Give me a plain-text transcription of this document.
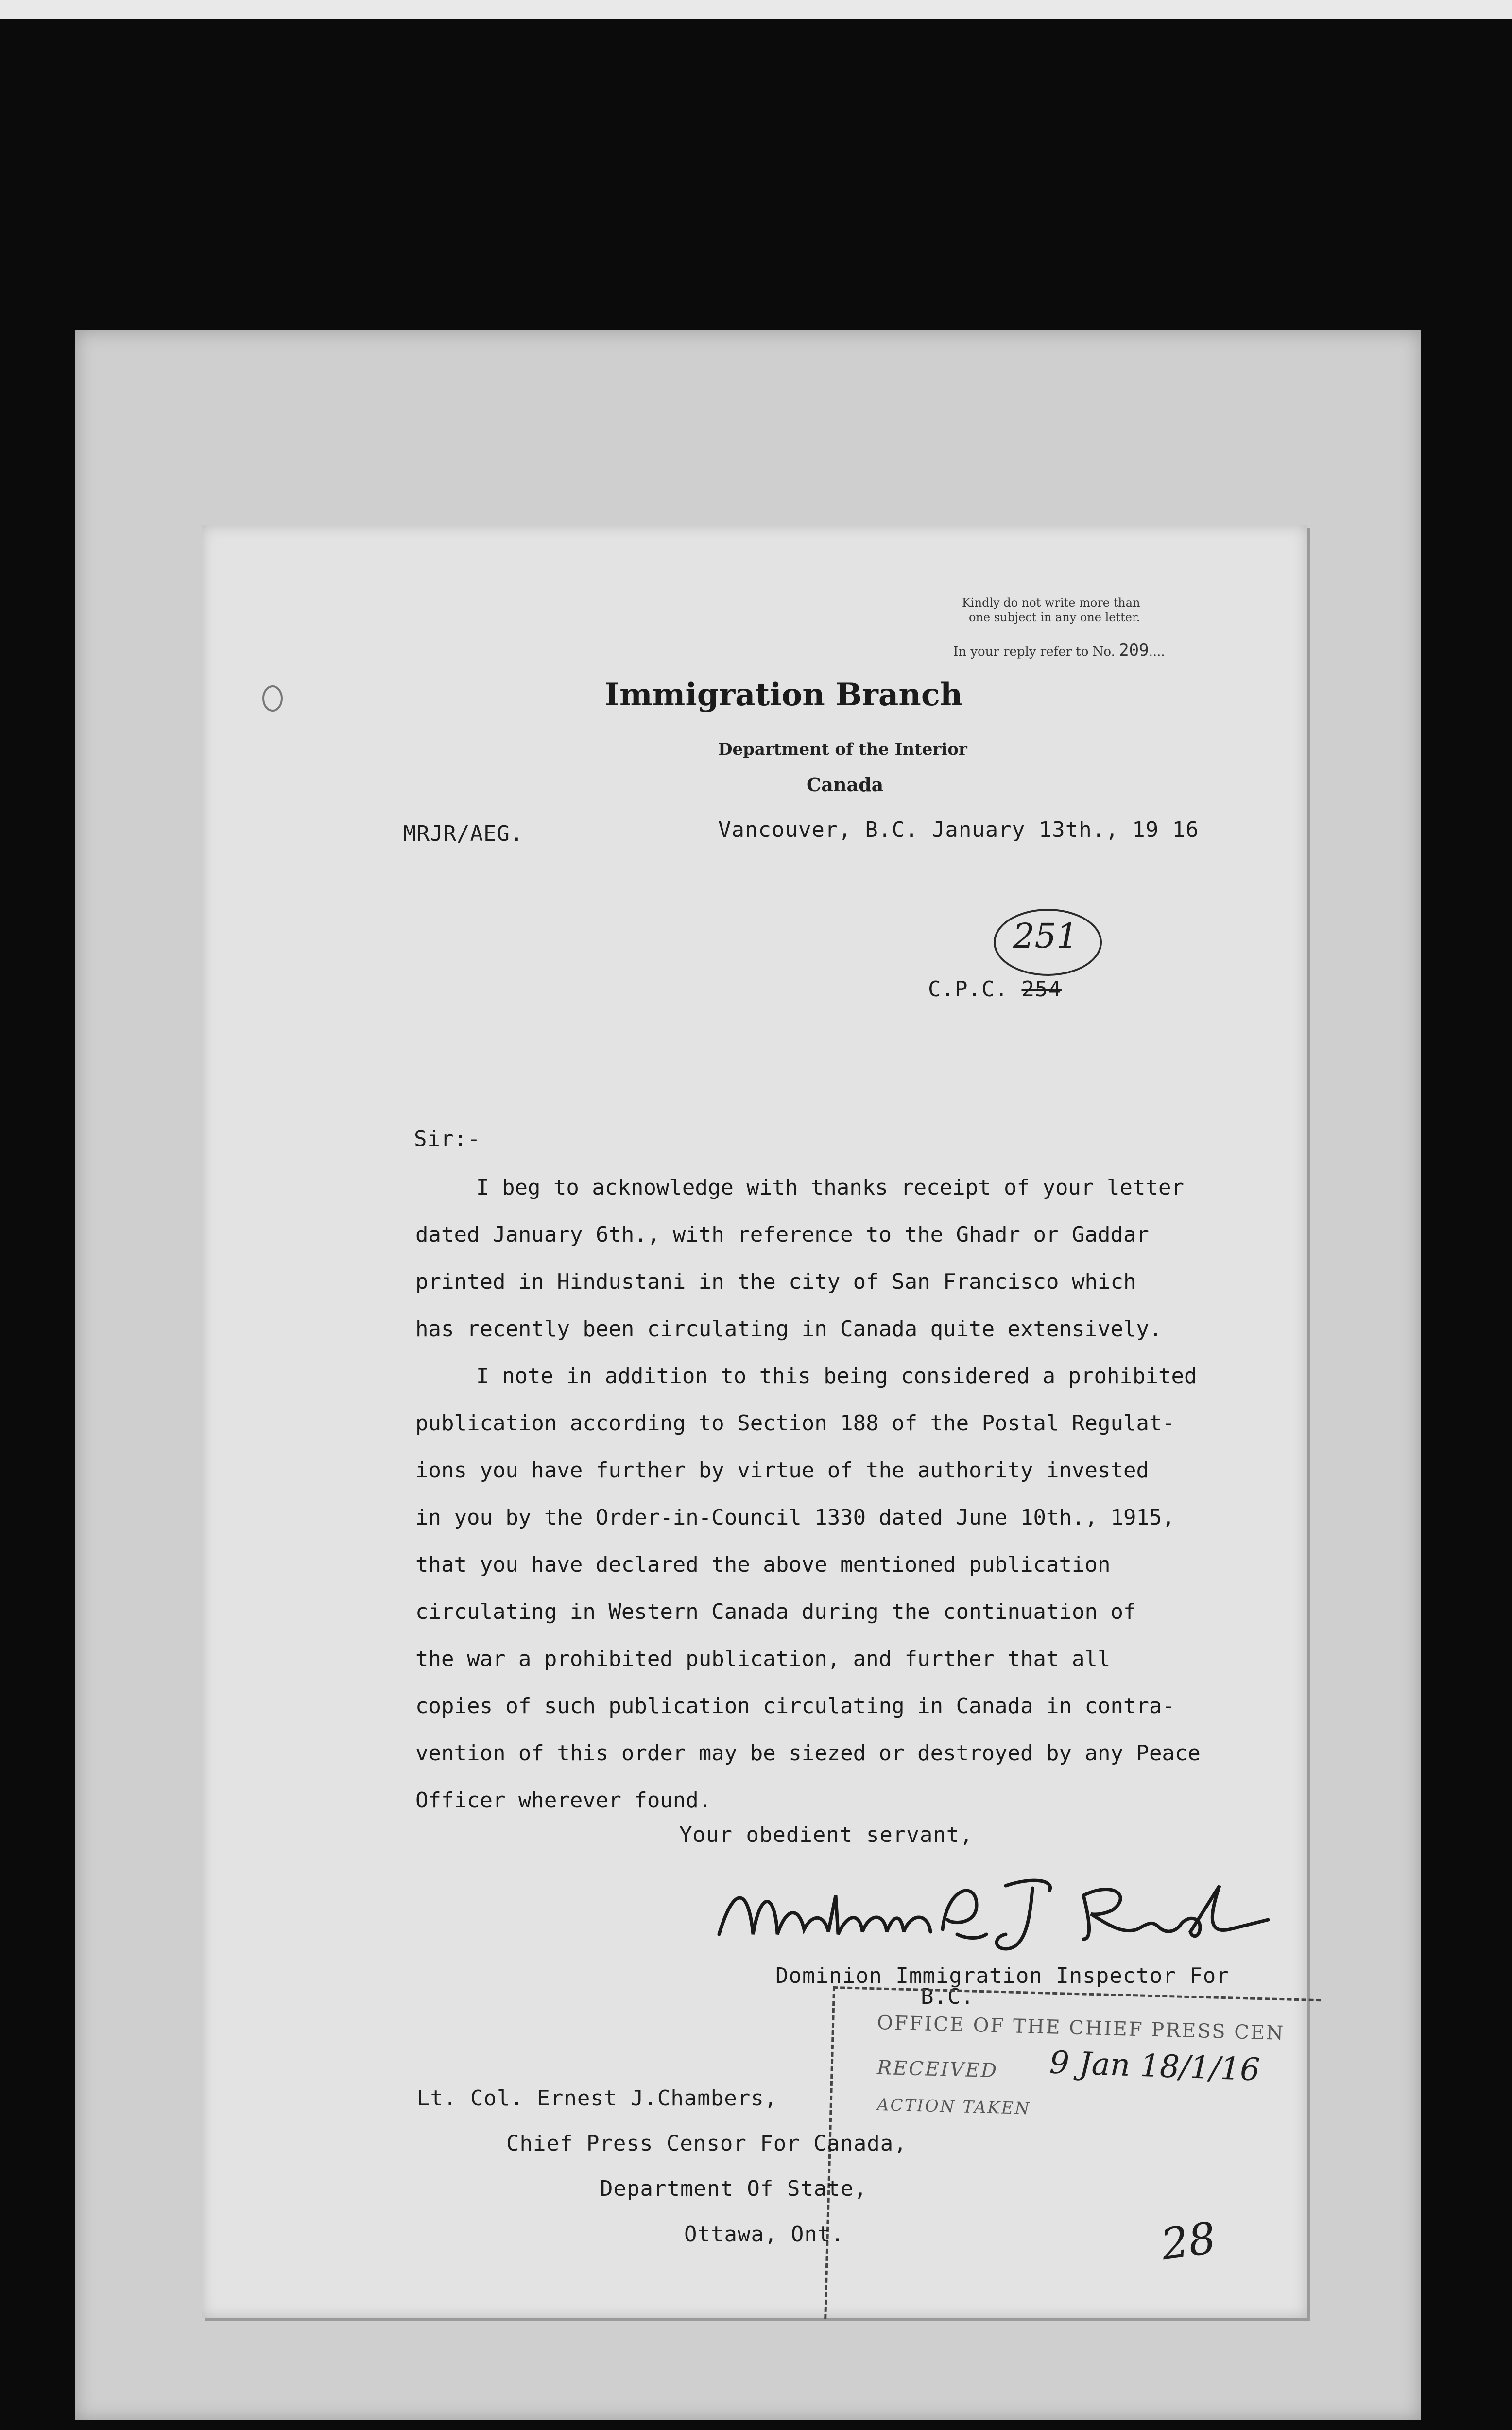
Kindly do not write more than
one subject in any one letter.
In your reply refer to No. 209....
Immigration Branch
Department of the Interior
Canada
MRJR/AEG.	Vancouver, B.C. January 13th., 19 16
251
C.P.C. 254
Sir:-

I beg to acknowledge with thanks receipt of your letter

dated January 6th., with reference to the Ghadr or Gaddar

printed in Hindustani in the city of San Francisco which

has recently been circulating in Canada quite extensively.

I note in addition to this being considered a prohibited

publication according to Section 188 of the Postal Regulat-

ions you have further by virtue of the authority invested

in you by the Order-in-Council 1330 dated June 10th., 1915,

that you have declared the above mentioned publication

circulating in Western Canada during the continuation of

the war a prohibited publication, and further that all

copies of such publication circulating in Canada in contra-

vention of this order may be siezed or destroyed by any Peace

Officer wherever found.

Your obedient servant,
Dominion Immigration Inspector For
B.C.
OFFICE OF THE CHIEF PRESS CEN
RECEIVED 9 Jan 18/1/16
ACTION TAKEN
Lt. Col. Ernest J.Chambers,
Chief Press Censor For Canada,
Department Of State,
Ottawa, Ont.	28
